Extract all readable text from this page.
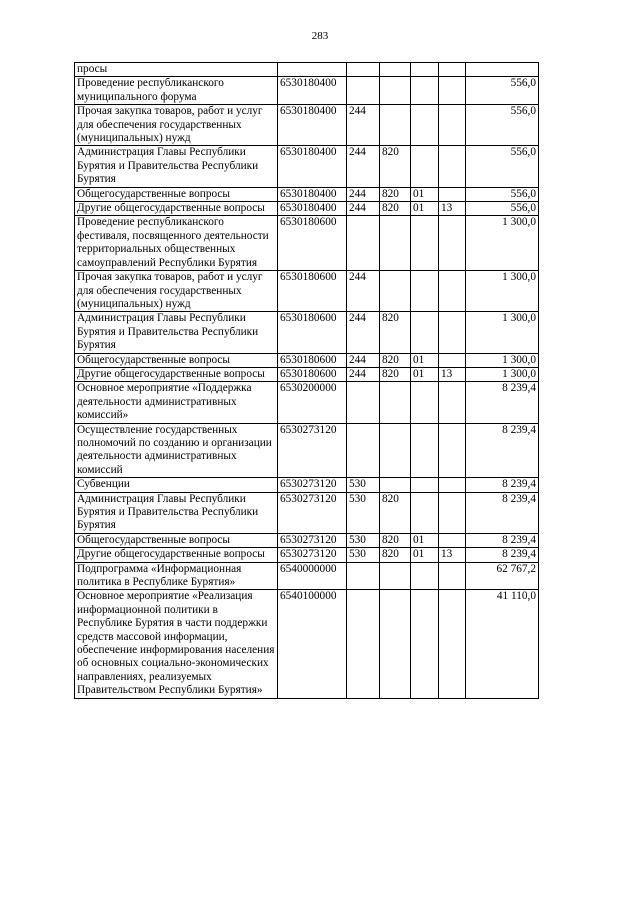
283
просы						
Проведение республиканского муниципального форума	6530180400					556,0
Прочая закупка товаров, работ и услуг для обеспечения государственных (муниципальных) нужд	6530180400	244				556,0
Администрация Главы Республики Бурятия и Правительства Республики Бурятия	6530180400	244	820			556,0
Общегосударственные вопросы	6530180400	244	820	01		556,0
Другие общегосударственные вопросы	6530180400	244	820	01	13	556,0
Проведение республиканского фестиваля, посвященного деятельности территориальных общественных самоуправлений Республики Бурятия	6530180600					1 300,0
Прочая закупка товаров, работ и услуг для обеспечения государственных (муниципальных) нужд	6530180600	244				1 300,0
Администрация Главы Республики Бурятия и Правительства Республики Бурятия	6530180600	244	820			1 300,0
Общегосударственные вопросы	6530180600	244	820	01		1 300,0
Другие общегосударственные вопросы	6530180600	244	820	01	13	1 300,0
Основное мероприятие «Поддержка деятельности административных комиссий»	6530200000					8 239,4
Осуществление государственных полномочий по созданию и организации деятельности административных комиссий	6530273120					8 239,4
Субвенции	6530273120	530				8 239,4
Администрация Главы Республики Бурятия и Правительства Республики Бурятия	6530273120	530	820			8 239,4
Общегосударственные вопросы	6530273120	530	820	01		8 239,4
Другие общегосударственные вопросы	6530273120	530	820	01	13	8 239,4
Подпрограмма «Информационная политика в Республике Бурятия»	6540000000					62 767,2
Основное мероприятие «Реализация информационной политики в Республике Бурятия в части поддержки средств массовой информации, обеспечение информирования населения об основных социально-экономических направлениях, реализуемых Правительством Республики Бурятия»	6540100000					41 110,0
